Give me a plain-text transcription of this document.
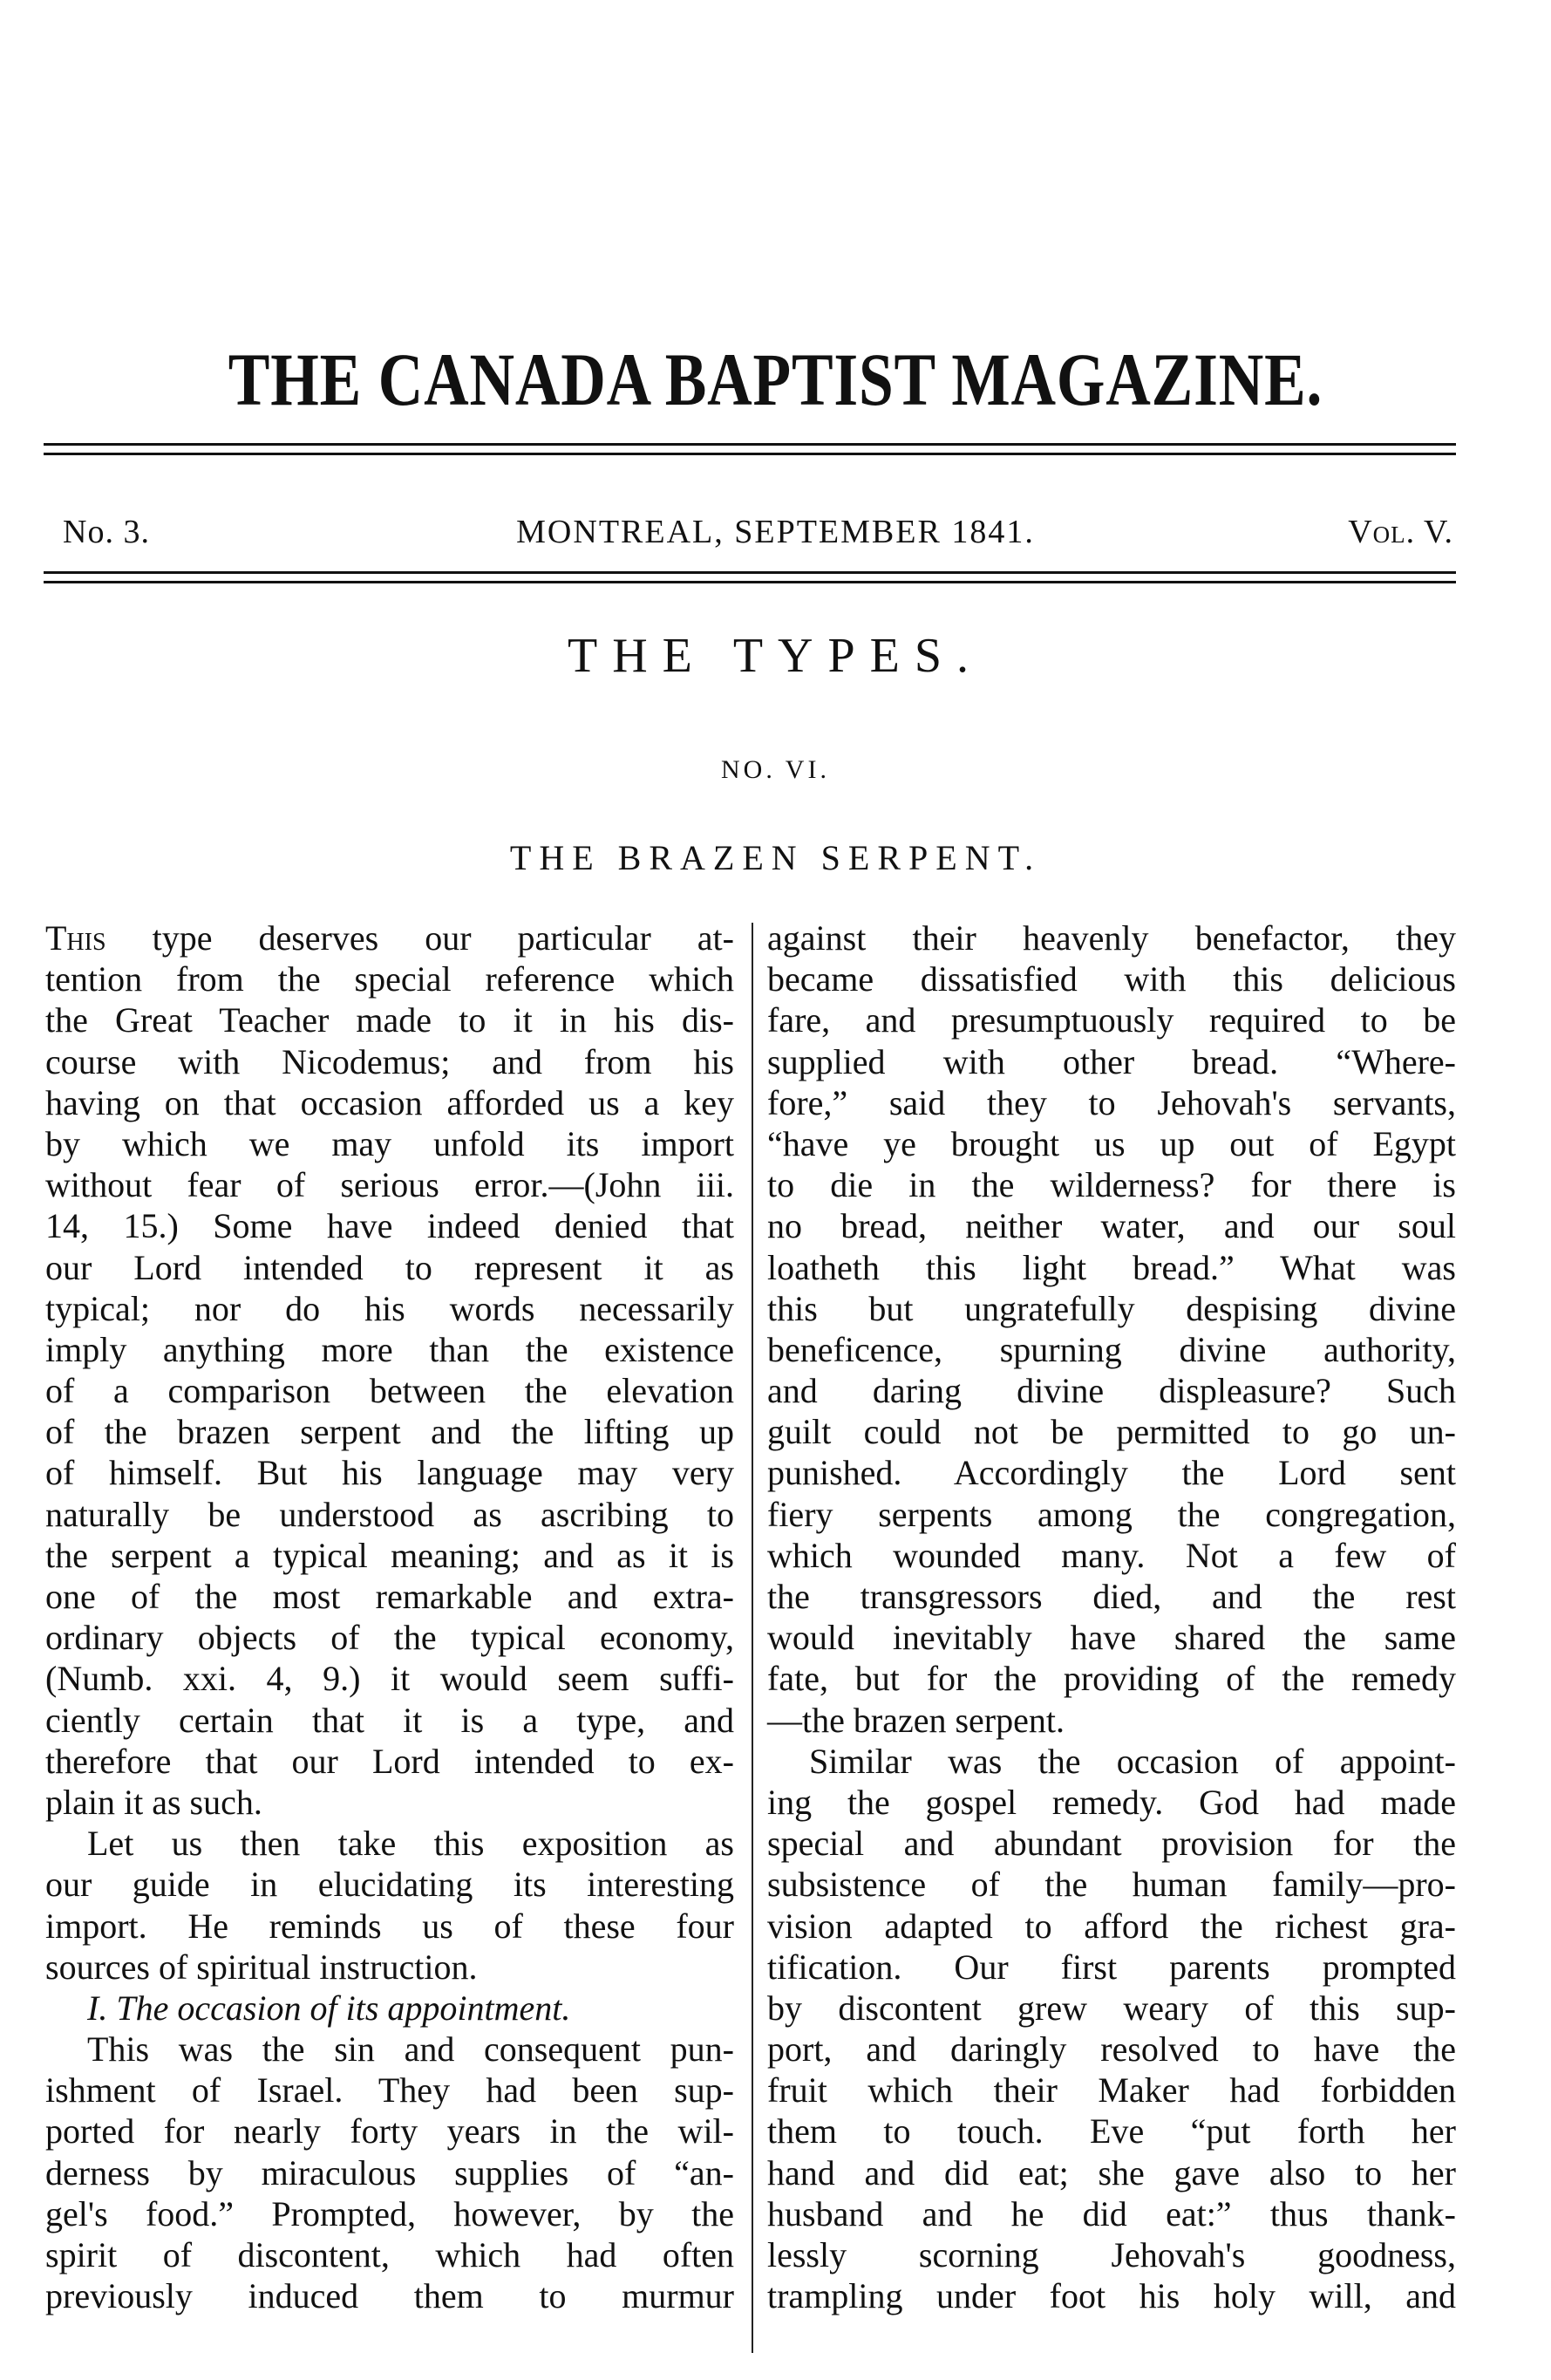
THE CANADA BAPTIST MAGAZINE.
No. 3.	MONTREAL, SEPTEMBER 1841.	Vol. V.
THE TYPES.
NO. VI.
THE BRAZEN SERPENT.
This type deserves our particular at-
tention from the special reference which
the Great Teacher made to it in his dis-
course with Nicodemus; and from his
having on that occasion afforded us a key
by which we may unfold its import
without fear of serious error.—(John iii.
14, 15.) Some have indeed denied that
our Lord intended to represent it as
typical; nor do his words necessarily
imply anything more than the existence
of a comparison between the elevation
of the brazen serpent and the lifting up
of himself. But his language may very
naturally be understood as ascribing to
the serpent a typical meaning; and as it is
one of the most remarkable and extra-
ordinary objects of the typical economy,
(Numb. xxi. 4, 9.) it would seem suffi-
ciently certain that it is a type, and
therefore that our Lord intended to ex-
plain it as such.
Let us then take this exposition as
our guide in elucidating its interesting
import. He reminds us of these four
sources of spiritual instruction.
I. The occasion of its appointment.
This was the sin and consequent pun-
ishment of Israel. They had been sup-
ported for nearly forty years in the wil-
derness by miraculous supplies of “an-
gel's food.” Prompted, however, by the
spirit of discontent, which had often
previously induced them to murmur
against their heavenly benefactor, they
became dissatisfied with this delicious
fare, and presumptuously required to be
supplied with other bread. “Where-
fore,” said they to Jehovah's servants,
“have ye brought us up out of Egypt
to die in the wilderness? for there is
no bread, neither water, and our soul
loatheth this light bread.” What was
this but ungratefully despising divine
beneficence, spurning divine authority,
and daring divine displeasure? Such
guilt could not be permitted to go un-
punished. Accordingly the Lord sent
fiery serpents among the congregation,
which wounded many. Not a few of
the transgressors died, and the rest
would inevitably have shared the same
fate, but for the providing of the remedy
—the brazen serpent.
Similar was the occasion of appoint-
ing the gospel remedy. God had made
special and abundant provision for the
subsistence of the human family—pro-
vision adapted to afford the richest gra-
tification. Our first parents prompted
by discontent grew weary of this sup-
port, and daringly resolved to have the
fruit which their Maker had forbidden
them to touch. Eve “put forth her
hand and did eat; she gave also to her
husband and he did eat:” thus thank-
lessly scorning Jehovah's goodness,
trampling under foot his holy will, and
